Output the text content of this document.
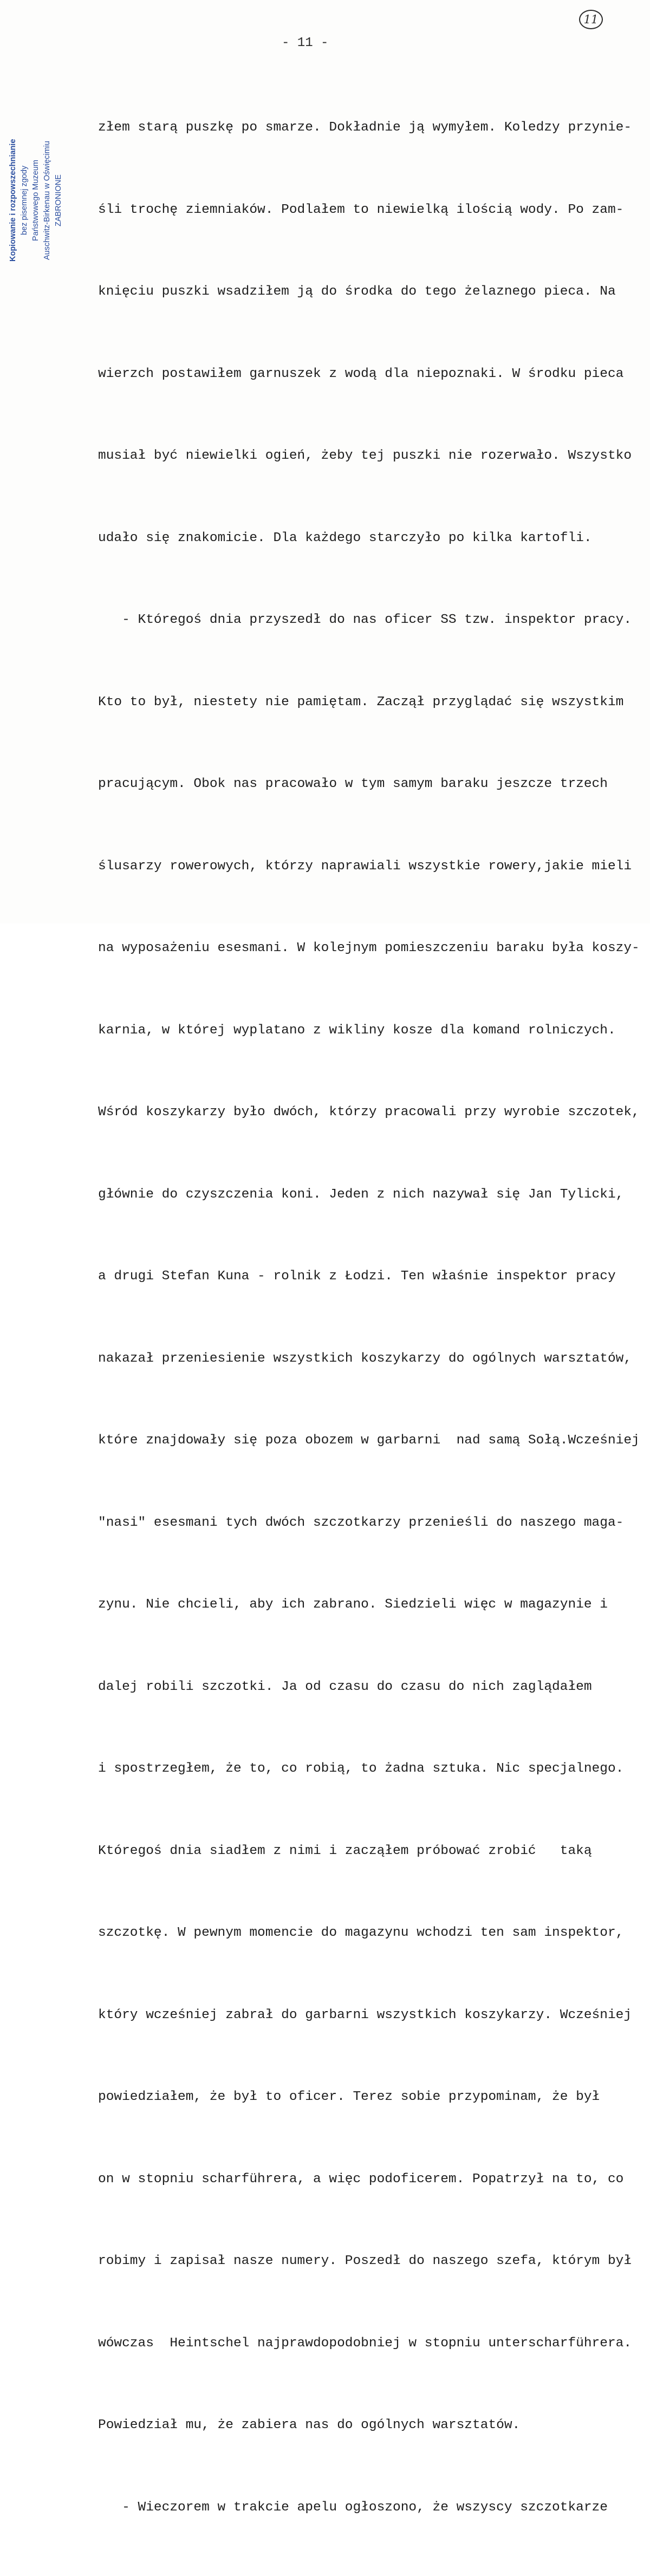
11
- 11 -
Kopiowanie i rozpowszechnianie bez pisemnej zgody Państwowego Muzeum Auschwitz-Birkenau w Oświęcimiu ZABRONIONE

złem starą puszkę po smarze. Dokładnie ją wymyłem. Koledzy przynie-

śli trochę ziemniaków. Podlałem to niewielką ilością wody. Po zam-

knięciu puszki wsadziłem ją do środka do tego żelaznego pieca. Na

wierzch postawiłem garnuszek z wodą dla niepoznaki. W środku pieca

musiał być niewielki ogień, żeby tej puszki nie rozerwało. Wszystko

udało się znakomicie. Dla każdego starczyło po kilka kartofli.

- Któregoś dnia przyszedł do nas oficer SS tzw. inspektor pracy.

Kto to był, niestety nie pamiętam. Zaczął przyglądać się wszystkim

pracującym. Obok nas pracowało w tym samym baraku jeszcze trzech

ślusarzy rowerowych, którzy naprawiali wszystkie rowery,jakie mieli

na wyposażeniu esesmani. W kolejnym pomieszczeniu baraku była koszy-

karnia, w której wyplatano z wikliny kosze dla komand rolniczych.

Wśród koszykarzy było dwóch, którzy pracowali przy wyrobie szczotek,

głównie do czyszczenia koni. Jeden z nich nazywał się Jan Tylicki,

a drugi Stefan Kuna - rolnik z Łodzi. Ten właśnie inspektor pracy

nakazał przeniesienie wszystkich koszykarzy do ogólnych warsztatów,

które znajdowały się poza obozem w garbarni  nad samą Sołą.Wcześniej

"nasi" esesmani tych dwóch szczotkarzy przenieśli do naszego maga-

zynu. Nie chcieli, aby ich zabrano. Siedzieli więc w magazynie i

dalej robili szczotki. Ja od czasu do czasu do nich zaglądałem

i spostrzegłem, że to, co robią, to żadna sztuka. Nic specjalnego.

Któregoś dnia siadłem z nimi i zacząłem próbować zrobić   taką

szczotkę. W pewnym momencie do magazynu wchodzi ten sam inspektor,

który wcześniej zabrał do garbarni wszystkich koszykarzy. Wcześniej

powiedziałem, że był to oficer. Terez sobie przypominam, że był

on w stopniu scharführera, a więc podoficerem. Popatrzył na to, co

robimy i zapisał nasze numery. Poszedł do naszego szefa, którym był

wówczas  Heintschel najprawdopodobniej w stopniu unterscharführera.

Powiedział mu, że zabiera nas do ogólnych warsztatów.

- Wieczorem w trakcie apelu ogłoszono, że wszyscy szczotkarze
